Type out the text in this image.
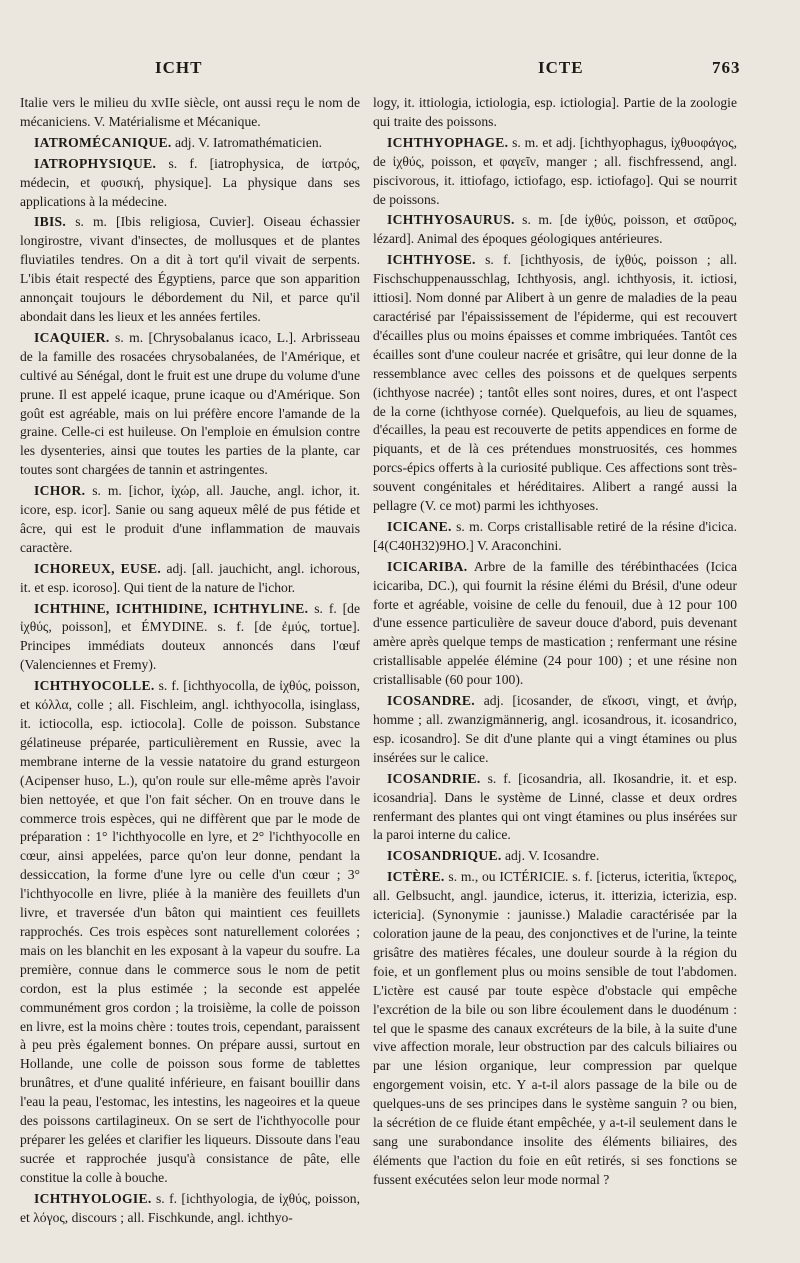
ICHT	ICTE	763

Italie vers le milieu du xvIIe siècle, ont aussi reçu le nom de mécaniciens. V. Matérialisme et Mécanique.

IATROMÉCANIQUE. adj. V. Iatromathématicien.

IATROPHYSIQUE. s. f. [iatrophysica, de ἰατρός, médecin, et φυσική, physique]. La physique dans ses applications à la médecine.

IBIS. s. m. [Ibis religiosa, Cuvier]. Oiseau échassier longirostre, vivant d'insectes, de mollusques et de plantes fluviatiles tendres. On a dit à tort qu'il vivait de serpents. L'ibis était respecté des Égyptiens, parce que son apparition annonçait toujours le débordement du Nil, et parce qu'il abondait dans les lieux et les années fertiles.

ICAQUIER. s. m. [Chrysobalanus icaco, L.]. Arbrisseau de la famille des rosacées chrysobalanées, de l'Amérique, et cultivé au Sénégal, dont le fruit est une drupe du volume d'une prune. Il est appelé icaque, prune icaque ou d'Amérique. Son goût est agréable, mais on lui préfère encore l'amande de la graine. Celle-ci est huileuse. On l'emploie en émulsion contre les dysenteries, ainsi que toutes les parties de la plante, car toutes sont chargées de tannin et astringentes.

ICHOR. s. m. [ichor, ἰχώρ, all. Jauche, angl. ichor, it. icore, esp. icor]. Sanie ou sang aqueux mêlé de pus fétide et âcre, qui est le produit d'une inflammation de mauvais caractère.

ICHOREUX, EUSE. adj. [all. jauchicht, angl. ichorous, it. et esp. icoroso]. Qui tient de la nature de l'ichor.

ICHTHINE, ICHTHIDINE, ICHTHYLINE. s. f. [de ἰχθύς, poisson], et ÉMYDINE. s. f. [de ἐμύς, tortue]. Principes immédiats douteux annoncés dans l'œuf (Valenciennes et Fremy).

ICHTHYOCOLLE. s. f. [ichthyocolla, de ἰχθύς, poisson, et κόλλα, colle ; all. Fischleim, angl. ichthyocolla, isinglass, it. ictiocolla, esp. ictiocola]. Colle de poisson. Substance gélatineuse préparée, particulièrement en Russie, avec la membrane interne de la vessie natatoire du grand esturgeon (Acipenser huso, L.), qu'on roule sur elle-même après l'avoir bien nettoyée, et que l'on fait sécher. On en trouve dans le commerce trois espèces, qui ne diffèrent que par le mode de préparation : 1° l'ichthyocolle en lyre, et 2° l'ichthyocolle en cœur, ainsi appelées, parce qu'on leur donne, pendant la dessiccation, la forme d'une lyre ou celle d'un cœur ; 3° l'ichthyocolle en livre, pliée à la manière des feuillets d'un livre, et traversée d'un bâton qui maintient ces feuillets rapprochés. Ces trois espèces sont naturellement colorées ; mais on les blanchit en les exposant à la vapeur du soufre. La première, connue dans le commerce sous le nom de petit cordon, est la plus estimée ; la seconde est appelée communément gros cordon ; la troisième, la colle de poisson en livre, est la moins chère : toutes trois, cependant, paraissent à peu près également bonnes. On prépare aussi, surtout en Hollande, une colle de poisson sous forme de tablettes brunâtres, et d'une qualité inférieure, en faisant bouillir dans l'eau la peau, l'estomac, les intestins, les nageoires et la queue des poissons cartilagineux. On se sert de l'ichthyocolle pour préparer les gelées et clarifier les liqueurs. Dissoute dans l'eau sucrée et rapprochée jusqu'à consistance de pâte, elle constitue la colle à bouche.

ICHTHYOLOGIE. s. f. [ichthyologia, de ἰχθύς, poisson, et λόγος, discours ; all. Fischkunde, angl. ichthyo-

logy, it. ittiologia, ictiologia, esp. ictiologia]. Partie de la zoologie qui traite des poissons.

ICHTHYOPHAGE. s. m. et adj. [ichthyophagus, ἰχθυοφάγος, de ἰχθύς, poisson, et φαγεῖν, manger ; all. fischfressend, angl. piscivorous, it. ittiofago, ictiofago, esp. ictiofago]. Qui se nourrit de poissons.

ICHTHYOSAURUS. s. m. [de ἰχθύς, poisson, et σαῦρος, lézard]. Animal des époques géologiques antérieures.

ICHTHYOSE. s. f. [ichthyosis, de ἰχθύς, poisson ; all. Fischschuppenausschlag, Ichthyosis, angl. ichthyosis, it. ictiosi, ittiosi]. Nom donné par Alibert à un genre de maladies de la peau caractérisé par l'épaississement de l'épiderme, qui est recouvert d'écailles plus ou moins épaisses et comme imbriquées. Tantôt ces écailles sont d'une couleur nacrée et grisâtre, qui leur donne de la ressemblance avec celles des poissons et de quelques serpents (ichthyose nacrée) ; tantôt elles sont noires, dures, et ont l'aspect de la corne (ichthyose cornée). Quelquefois, au lieu de squames, d'écailles, la peau est recouverte de petits appendices en forme de piquants, et de là ces prétendues monstruosités, ces hommes porcs-épics offerts à la curiosité publique. Ces affections sont très-souvent congénitales et héréditaires. Alibert a rangé aussi la pellagre (V. ce mot) parmi les ichthyoses.

ICICANE. s. m. Corps cristallisable retiré de la résine d'icica. [4(C40H32)9HO.] V. Araconchini.

ICICARIBA. Arbre de la famille des térébinthacées (Icica icicariba, DC.), qui fournit la résine élémi du Brésil, d'une odeur forte et agréable, voisine de celle du fenouil, due à 12 pour 100 d'une essence particulière de saveur douce d'abord, puis devenant amère après quelque temps de mastication ; renfermant une résine cristallisable appelée élémine (24 pour 100) ; et une résine non cristallisable (60 pour 100).

ICOSANDRE. adj. [icosander, de εἴκοσι, vingt, et ἀνήρ, homme ; all. zwanzigmännerig, angl. icosandrous, it. icosandrico, esp. icosandro]. Se dit d'une plante qui a vingt étamines ou plus insérées sur le calice.

ICOSANDRIE. s. f. [icosandria, all. Ikosandrie, it. et esp. icosandria]. Dans le système de Linné, classe et deux ordres renfermant des plantes qui ont vingt étamines ou plus insérées sur la paroi interne du calice.

ICOSANDRIQUE. adj. V. Icosandre.

ICTÈRE. s. m., ou ICTÉRICIE. s. f. [icterus, icteritia, ἴκτερος, all. Gelbsucht, angl. jaundice, icterus, it. itterizia, icterizia, esp. ictericia]. (Synonymie : jaunisse.) Maladie caractérisée par la coloration jaune de la peau, des conjonctives et de l'urine, la teinte grisâtre des matières fécales, une douleur sourde à la région du foie, et un gonflement plus ou moins sensible de tout l'abdomen. L'ictère est causé par toute espèce d'obstacle qui empêche l'excrétion de la bile ou son libre écoulement dans le duodénum : tel que le spasme des canaux excréteurs de la bile, à la suite d'une vive affection morale, leur obstruction par des calculs biliaires ou par une lésion organique, leur compression par quelque engorgement voisin, etc. Y a-t-il alors passage de la bile ou de quelques-uns de ses principes dans le système sanguin ? ou bien, la sécrétion de ce fluide étant empêchée, y a-t-il seulement dans le sang une surabondance insolite des éléments biliaires, des éléments que l'action du foie en eût retirés, si ses fonctions se fussent exécutées selon leur mode normal ?
